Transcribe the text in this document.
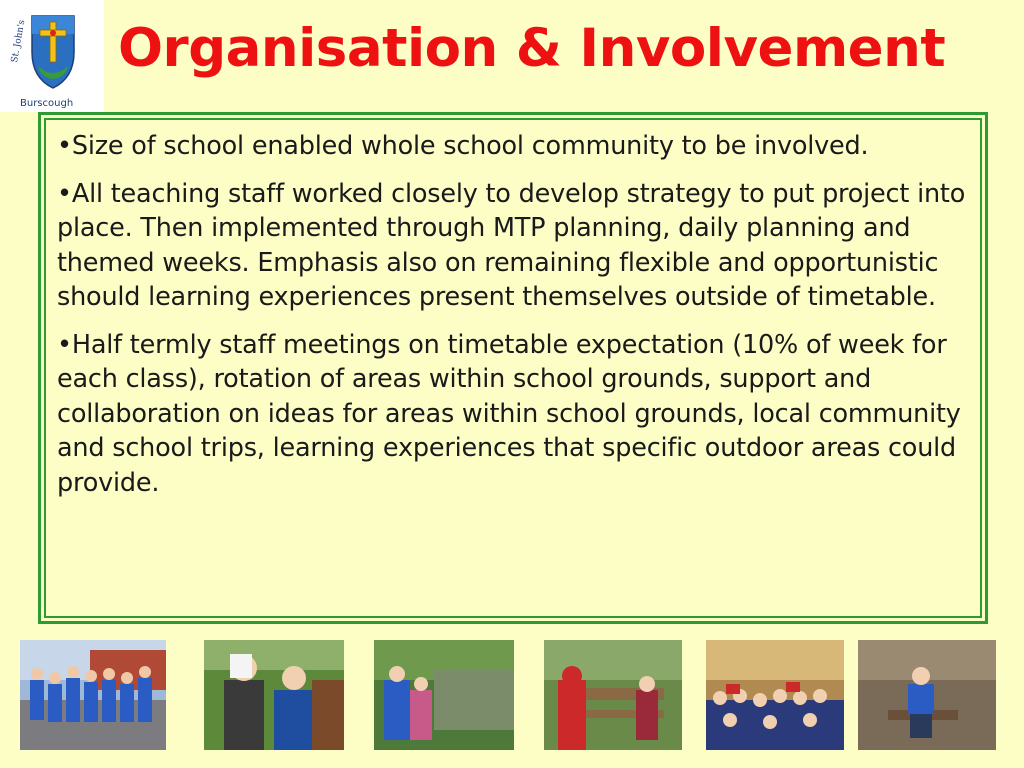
St. John's
Burscough
Organisation & Involvement

•Size of school enabled whole school community to be involved.

•All teaching staff worked closely to develop strategy to put project into place. Then implemented through MTP planning, daily planning and themed weeks. Emphasis also on remaining flexible and opportunistic should learning experiences present themselves outside of timetable.

•Half termly staff meetings on timetable expectation (10% of week for each class), rotation of areas within school grounds, support and collaboration on ideas for areas within school grounds, local community and school trips, learning experiences that specific outdoor areas could provide.
